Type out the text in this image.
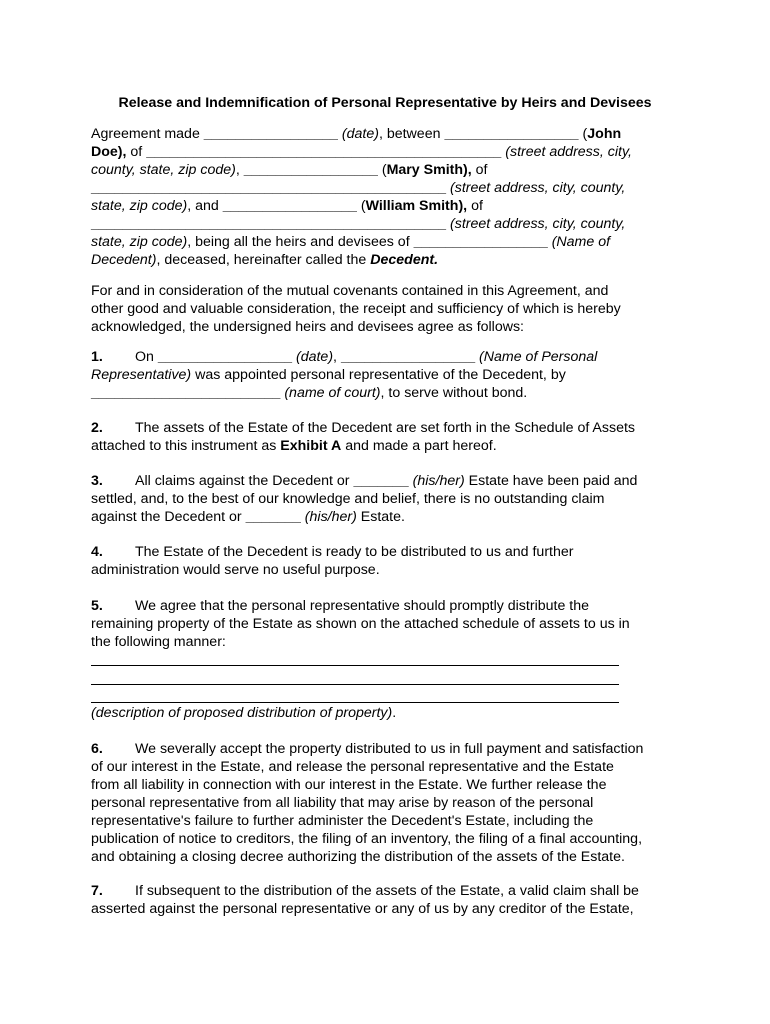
Release and Indemnification of Personal Representative by Heirs and Devisees
Agreement made _________________ (date), between _________________ (John
Doe), of _____________________________________________ (street address, city,
county, state, zip code), _________________ (Mary Smith), of
_____________________________________________ (street address, city, county,
state, zip code), and _________________ (William Smith), of
_____________________________________________ (street address, city, county,
state, zip code), being all the heirs and devisees of _________________ (Name of
Decedent), deceased, hereinafter called the Decedent.
For and in consideration of the mutual covenants contained in this Agreement, and
other good and valuable consideration, the receipt and sufficiency of which is hereby
acknowledged, the undersigned heirs and devisees agree as follows:
1. On _________________ (date), _________________ (Name of Personal
Representative) was appointed personal representative of the Decedent, by
________________________ (name of court), to serve without bond.
2. The assets of the Estate of the Decedent are set forth in the Schedule of Assets
attached to this instrument as Exhibit A and made a part hereof.
3. All claims against the Decedent or _______ (his/her) Estate have been paid and
settled, and, to the best of our knowledge and belief, there is no outstanding claim
against the Decedent or _______ (his/her) Estate.
4. The Estate of the Decedent is ready to be distributed to us and further
administration would serve no useful purpose.
5. We agree that the personal representative should promptly distribute the
remaining property of the Estate as shown on the attached schedule of assets to us in
the following manner:
(description of proposed distribution of property).
6. We severally accept the property distributed to us in full payment and satisfaction
of our interest in the Estate, and release the personal representative and the Estate
from all liability in connection with our interest in the Estate. We further release the
personal representative from all liability that may arise by reason of the personal
representative's failure to further administer the Decedent's Estate, including the
publication of notice to creditors, the filing of an inventory, the filing of a final accounting,
and obtaining a closing decree authorizing the distribution of the assets of the Estate.
7. If subsequent to the distribution of the assets of the Estate, a valid claim shall be
asserted against the personal representative or any of us by any creditor of the Estate,
